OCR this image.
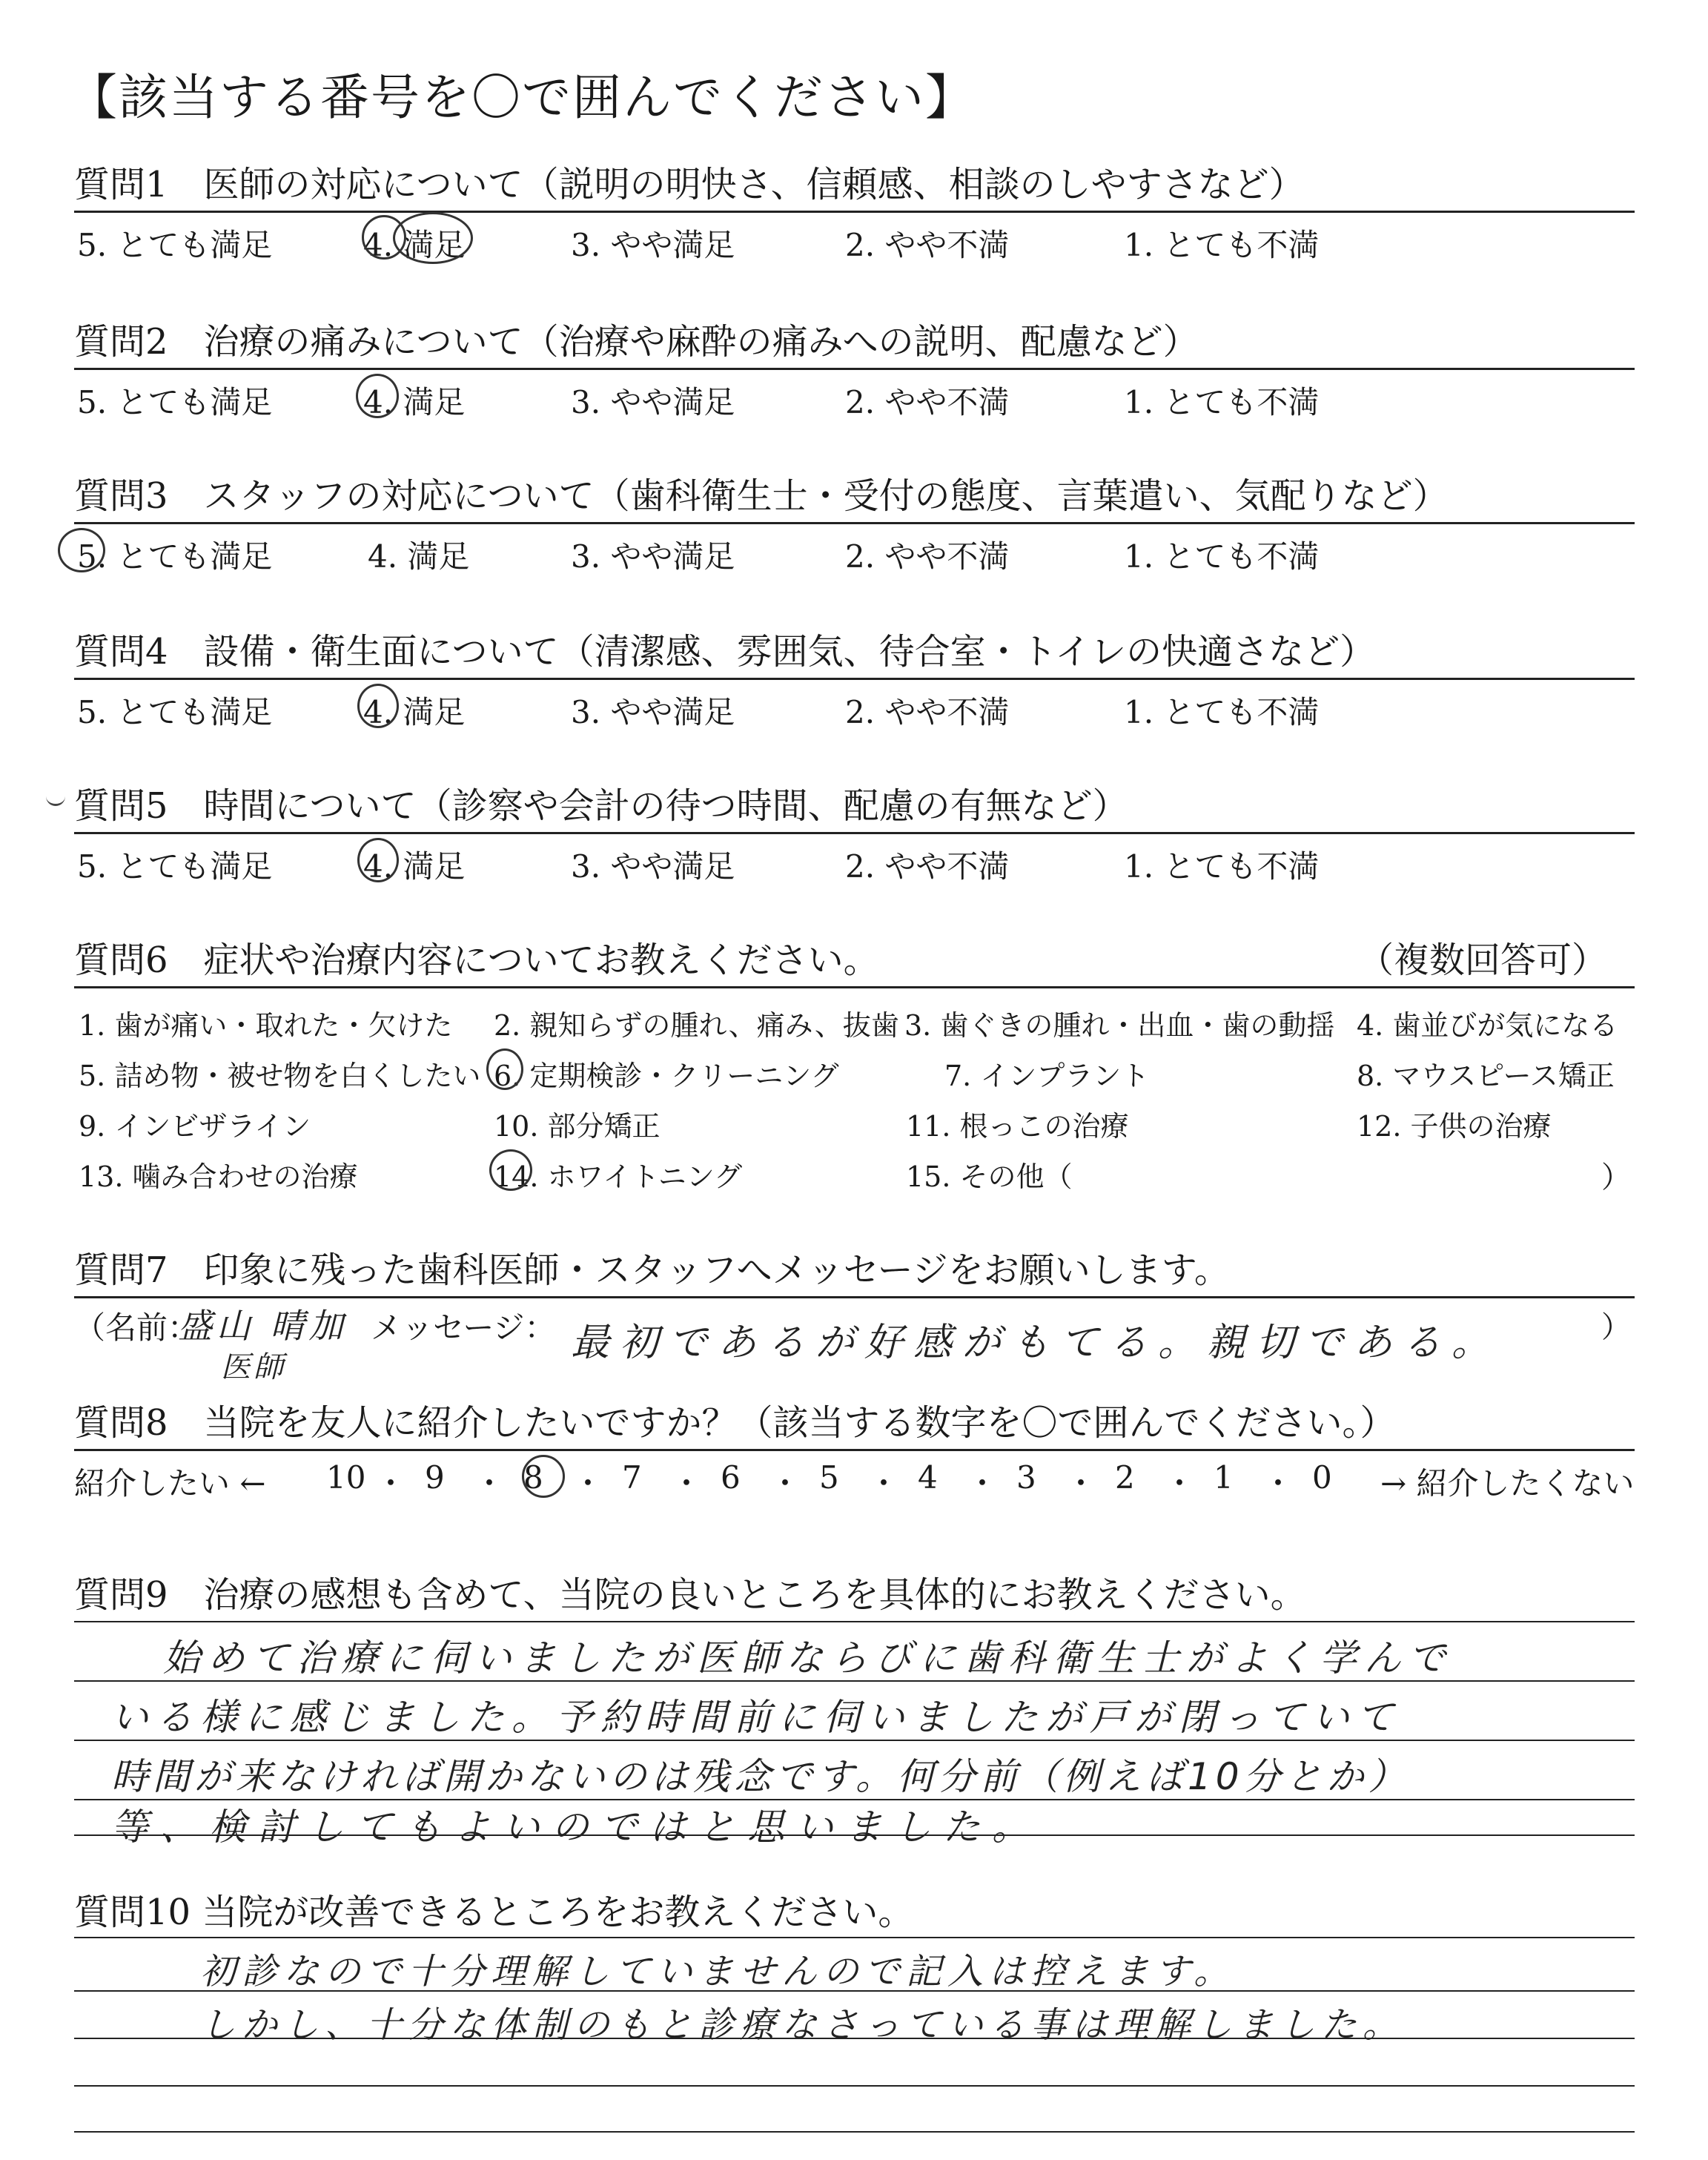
【該当する番号を〇で囲んでください】
質問1　医師の対応について（説明の明快さ、信頼感、相談のしやすさなど）
5. とても満足	4. 満足	3. やや満足	2. やや不満	1. とても不満
質問2　治療の痛みについて（治療や麻酔の痛みへの説明、配慮など）
5. とても満足	4. 満足	3. やや満足	2. やや不満	1. とても不満
質問3　スタッフの対応について（歯科衛生士・受付の態度、言葉遣い、気配りなど）
5. とても満足	4. 満足	3. やや満足	2. やや不満	1. とても不満
質問4　設備・衛生面について（清潔感、雰囲気、待合室・トイレの快適さなど）
5. とても満足	4. 満足	3. やや満足	2. やや不満	1. とても不満
質問5　時間について（診察や会計の待つ時間、配慮の有無など）
5. とても満足	4. 満足	3. やや満足	2. やや不満	1. とても不満
質問6　症状や治療内容についてお教えください。	（複数回答可）
1. 歯が痛い・取れた・欠けた 2. 親知らずの腫れ、痛み、抜歯 3. 歯ぐきの腫れ・出血・歯の動揺 4. 歯並びが気になる
5. 詰め物・被せ物を白くしたい 6. 定期検診・クリーニング	7. インプラント	8. マウスピース矯正
9. インビザライン	10. 部分矯正	11. 根っこの治療	12. 子供の治療
13. 噛み合わせの治療	14. ホワイトニング	15. その他（	）
質問7　印象に残った歯科医師・スタッフへメッセージをお願いします。
（名前：
盛山 晴加
医師
メッセージ： 最初であるが好感がもてる。親切である。	）
質問8　当院を友人に紹介したいですか？（該当する数字を〇で囲んでください。）
紹介したい ← 10 ・ 9 ・ 8 ・ 7 ・ 6 ・ 5 ・ 4 ・ 3 ・ 2 ・ 1 ・ 0 → 紹介したくない
質問9　治療の感想も含めて、当院の良いところを具体的にお教えください。
始めて治療に伺いましたが医師ならびに歯科衛生士がよく学んで
いる様に感じました。予約時間前に伺いましたが戸が閉っていて
時間が来なければ開かないのは残念です。何分前（例えば10分とか）
等、検討してもよいのではと思いました。
質問10 当院が改善できるところをお教えください。
初診なので十分理解していませんので記入は控えます。
しかし、十分な体制のもと診療なさっている事は理解しました。
